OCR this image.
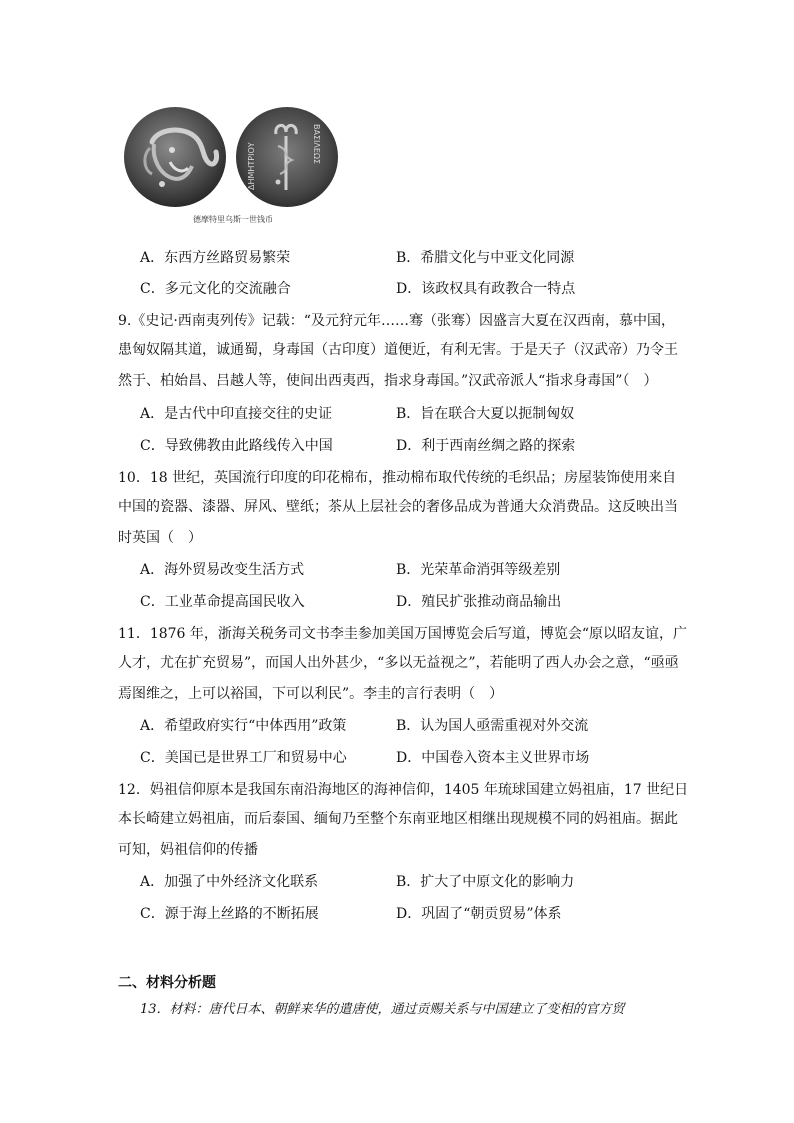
ΒΑΣΙΛΕΩΣ
ΔΗΜΗΤΡΙΟΥ
德摩特里乌斯一世钱币
A．东西方丝路贸易繁荣	B．希腊文化与中亚文化同源
C．多元文化的交流融合	D．该政权具有政教合一特点
9.《史记·西南夷列传》记载：“及元狩元年……骞（张骞）因盛言大夏在汉西南，慕中国，
患匈奴隔其道，诚通蜀，身毒国（古印度）道便近，有利无害。于是天子（汉武帝）乃令王
然于、柏始昌、吕越人等，使间出西夷西，指求身毒国。”汉武帝派人“指求身毒国”（　）
A．是古代中印直接交往的史证	B．旨在联合大夏以扼制匈奴
C．导致佛教由此路线传入中国	D．利于西南丝绸之路的探索
10．18 世纪，英国流行印度的印花棉布，推动棉布取代传统的毛织品；房屋装饰使用来自
中国的瓷器、漆器、屏风、壁纸；茶从上层社会的奢侈品成为普通大众消费品。这反映出当
时英国（　）
A．海外贸易改变生活方式	B．光荣革命消弭等级差别
C．工业革命提高国民收入	D．殖民扩张推动商品输出
11．1876 年，浙海关税务司文书李圭参加美国万国博览会后写道，博览会“原以昭友谊，广
人才，尤在扩充贸易”，而国人出外甚少，“多以无益视之”，若能明了西人办会之意，“亟亟
焉图维之，上可以裕国，下可以利民”。李圭的言行表明（　）
A．希望政府实行“中体西用”政策	B．认为国人亟需重视对外交流
C．美国已是世界工厂和贸易中心	D．中国卷入资本主义世界市场
12．妈祖信仰原本是我国东南沿海地区的海神信仰，1405 年琉球国建立妈祖庙，17 世纪日
本长崎建立妈祖庙，而后泰国、缅甸乃至整个东南亚地区相继出现规模不同的妈祖庙。据此
可知，妈祖信仰的传播
A．加强了中外经济文化联系	B．扩大了中原文化的影响力
C．源于海上丝路的不断拓展	D．巩固了“朝贡贸易”体系
二、材料分析题
13．材料：唐代日本、朝鲜来华的遣唐使，通过贡赐关系与中国建立了变相的官方贸
